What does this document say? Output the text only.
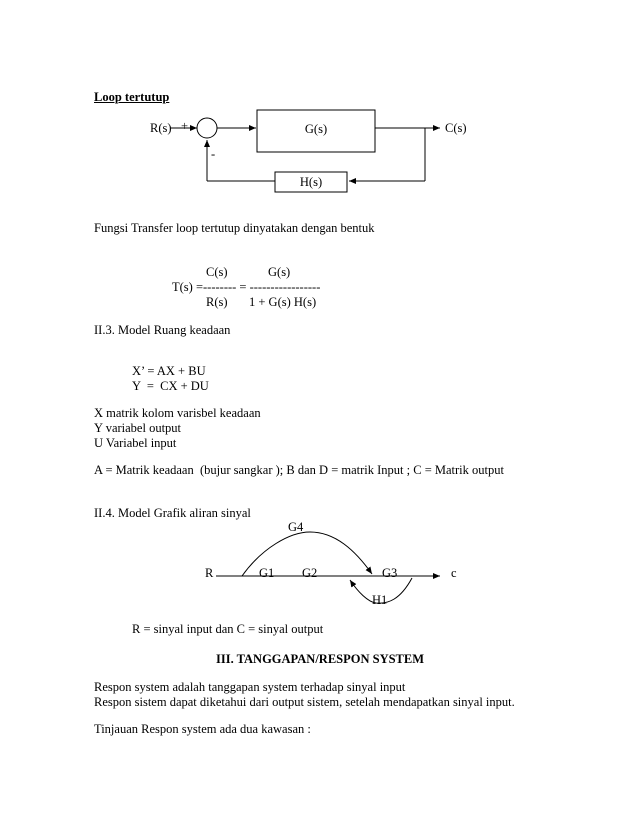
Loop tertutup
R(s) +
-
G(s)	C(s)
H(s)
Fungsi Transfer loop tertutup dinyatakan dengan bentuk
C(s)	G(s)
T(s) =-------- = -----------------
R(s) 1 + G(s) H(s)
II.3. Model Ruang keadaan
X’ = AX + BU
Y  =  CX + DU
X matrik kolom varisbel keadaan
Y variabel output
U Variabel input
A = Matrik keadaan  (bujur sangkar ); B dan D = matrik Input ; C = Matrik output
II.4. Model Grafik aliran sinyal
G4
R	G1 G2	G3	c
H1
R = sinyal input dan C = sinyal output
III. TANGGAPAN/RESPON SYSTEM
Respon system adalah tanggapan system terhadap sinyal input
Respon sistem dapat diketahui dari output sistem, setelah mendapatkan sinyal input.
Tinjauan Respon system ada dua kawasan :
